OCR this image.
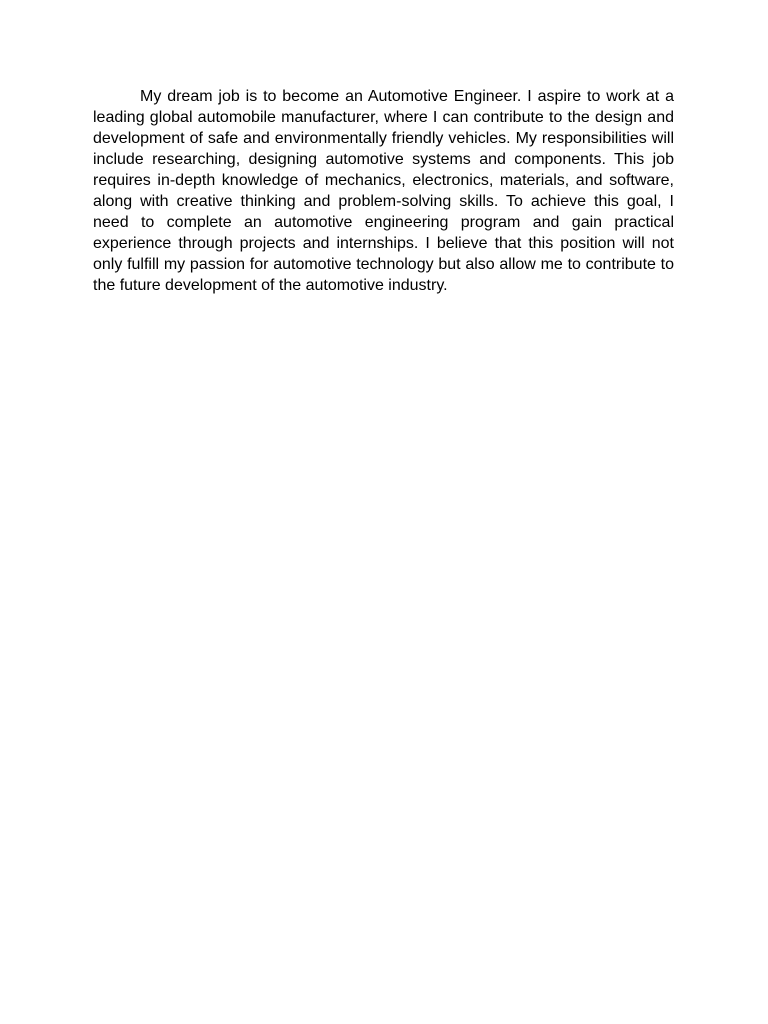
My dream job is to become an Automotive Engineer. I aspire to work at a leading global automobile manufacturer, where I can contribute to the design and development of safe and environmentally friendly vehicles. My responsibilities will include researching, designing automotive systems and components. This job requires in-depth knowledge of mechanics, electronics, materials, and software, along with creative thinking and problem-solving skills. To achieve this goal, I need to complete an automotive engineering program and gain practical experience through projects and internships. I believe that this position will not only fulfill my passion for automotive technology but also allow me to contribute to the future development of the automotive industry.
